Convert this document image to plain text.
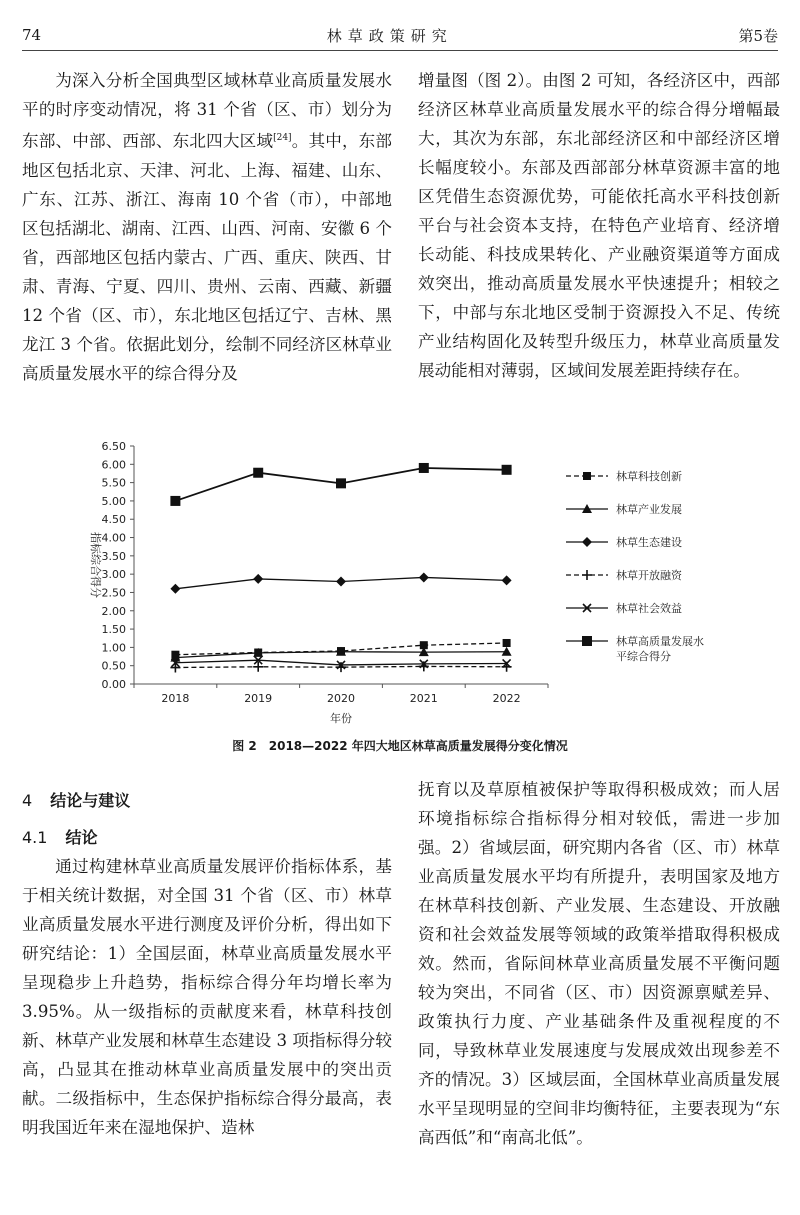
74	林草政策研究	第5卷

为深入分析全国典型区域林草业高质量发展水平的时序变动情况，将 31 个省（区、市）划分为东部、中部、西部、东北四大区域[24]。其中，东部地区包括北京、天津、河北、上海、福建、山东、广东、江苏、浙江、海南 10 个省（市），中部地区包括湖北、湖南、江西、山西、河南、安徽 6 个省，西部地区包括内蒙古、广西、重庆、陕西、甘肃、青海、宁夏、四川、贵州、云南、西藏、新疆 12 个省（区、市），东北地区包括辽宁、吉林、黑龙江 3 个省。依据此划分，绘制不同经济区林草业高质量发展水平的综合得分及

增量图（图 2）。由图 2 可知，各经济区中，西部经济区林草业高质量发展水平的综合得分增幅最大，其次为东部，东北部经济区和中部经济区增长幅度较小。东部及西部部分林草资源丰富的地区凭借生态资源优势，可能依托高水平科技创新平台与社会资本支持，在特色产业培育、经济增长动能、科技成果转化、产业融资渠道等方面成效突出，推动高质量发展水平快速提升；相较之下，中部与东北地区受制于资源投入不足、传统产业结构固化及转型升级压力，林草业高质量发展动能相对薄弱，区域间发展差距持续存在。

0.00
0.50
1.00
1.50
2.00
2.50
3.00
3.50
4.00
4.50
5.00
5.50
6.00
6.50
2018	2019	2020	2021	2022
年份
指标综合得分
林草科技创新
林草产业发展
林草生态建设
林草开放融资
林草社会效益
林草高质量发展水
平综合得分
图 2　2018—2022 年四大地区林草高质量发展得分变化情况
4 结论与建议
4.1 结论

通过构建林草业高质量发展评价指标体系，基于相关统计数据，对全国 31 个省（区、市）林草业高质量发展水平进行测度及评价分析，得出如下研究结论：1）全国层面，林草业高质量发展水平呈现稳步上升趋势，指标综合得分年均增长率为 3.95%。从一级指标的贡献度来看，林草科技创新、林草产业发展和林草生态建设 3 项指标得分较高，凸显其在推动林草业高质量发展中的突出贡献。二级指标中，生态保护指标综合得分最高，表明我国近年来在湿地保护、造林

抚育以及草原植被保护等取得积极成效；而人居环境指标综合指标得分相对较低，需进一步加强。2）省域层面，研究期内各省（区、市）林草业高质量发展水平均有所提升，表明国家及地方在林草科技创新、产业发展、生态建设、开放融资和社会效益发展等领域的政策举措取得积极成效。然而，省际间林草业高质量发展不平衡问题较为突出，不同省（区、市）因资源禀赋差异、政策执行力度、产业基础条件及重视程度的不同，导致林草业发展速度与发展成效出现参差不齐的情况。3）区域层面，全国林草业高质量发展水平呈现明显的空间非均衡特征，主要表现为“东高西低”和“南高北低”。
